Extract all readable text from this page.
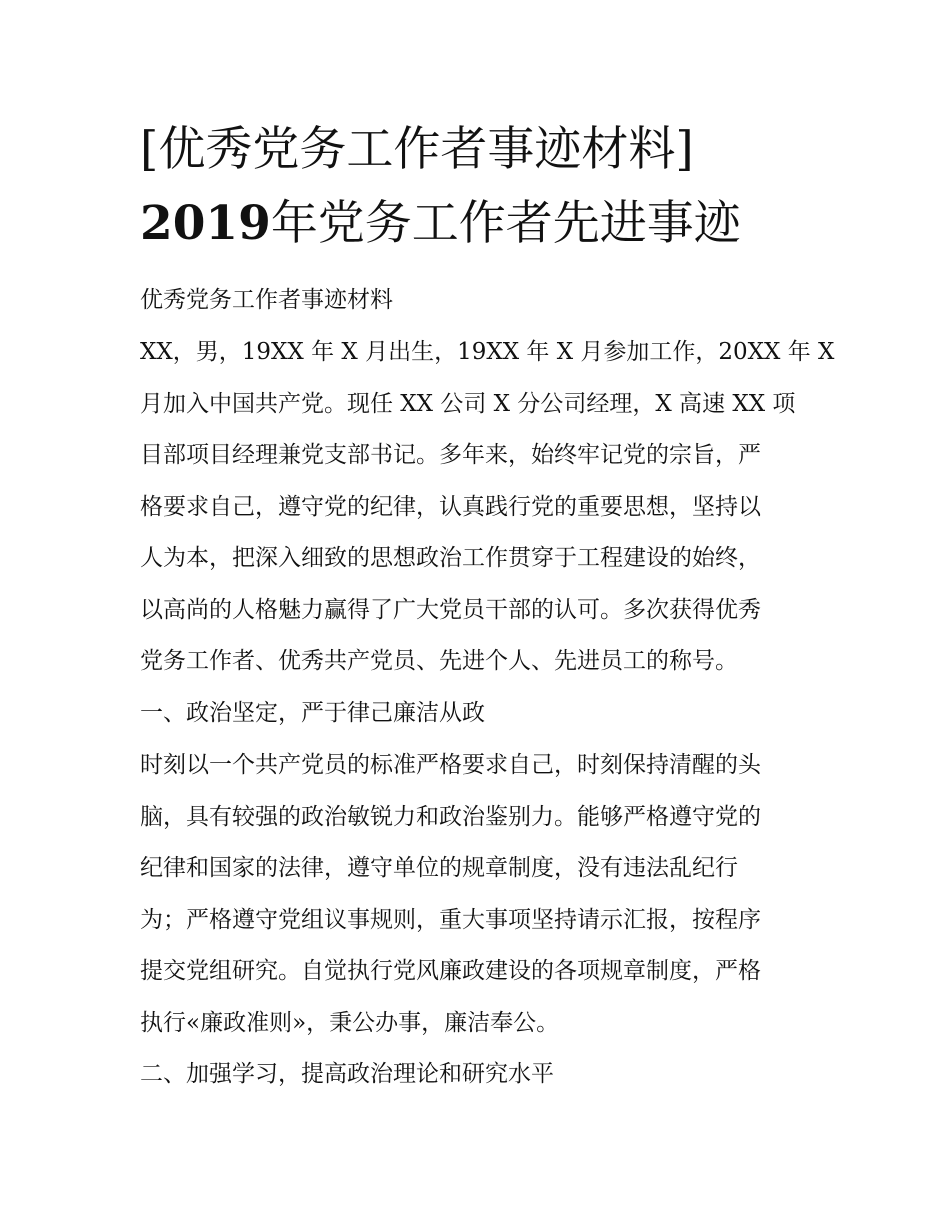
[优秀党务工作者事迹材料]
2019年党务工作者先进事迹

优秀党务工作者事迹材料

XX，男，19XX 年 X 月出生，19XX 年 X 月参加工作，20XX 年 X
月加入中国共产党。现任 XX 公司 X 分公司经理，X 高速 XX 项
目部项目经理兼党支部书记。多年来，始终牢记党的宗旨，严
格要求自己，遵守党的纪律，认真践行党的重要思想，坚持以
人为本，把深入细致的思想政治工作贯穿于工程建设的始终，
以高尚的人格魅力赢得了广大党员干部的认可。多次获得优秀
党务工作者、优秀共产党员、先进个人、先进员工的称号。

一、政治坚定，严于律己廉洁从政

时刻以一个共产党员的标准严格要求自己，时刻保持清醒的头
脑，具有较强的政治敏锐力和政治鉴别力。能够严格遵守党的
纪律和国家的法律，遵守单位的规章制度，没有违法乱纪行
为；严格遵守党组议事规则，重大事项坚持请示汇报，按程序
提交党组研究。自觉执行党风廉政建设的各项规章制度，严格
执行«廉政准则»，秉公办事，廉洁奉公。

二、加强学习，提高政治理论和研究水平
